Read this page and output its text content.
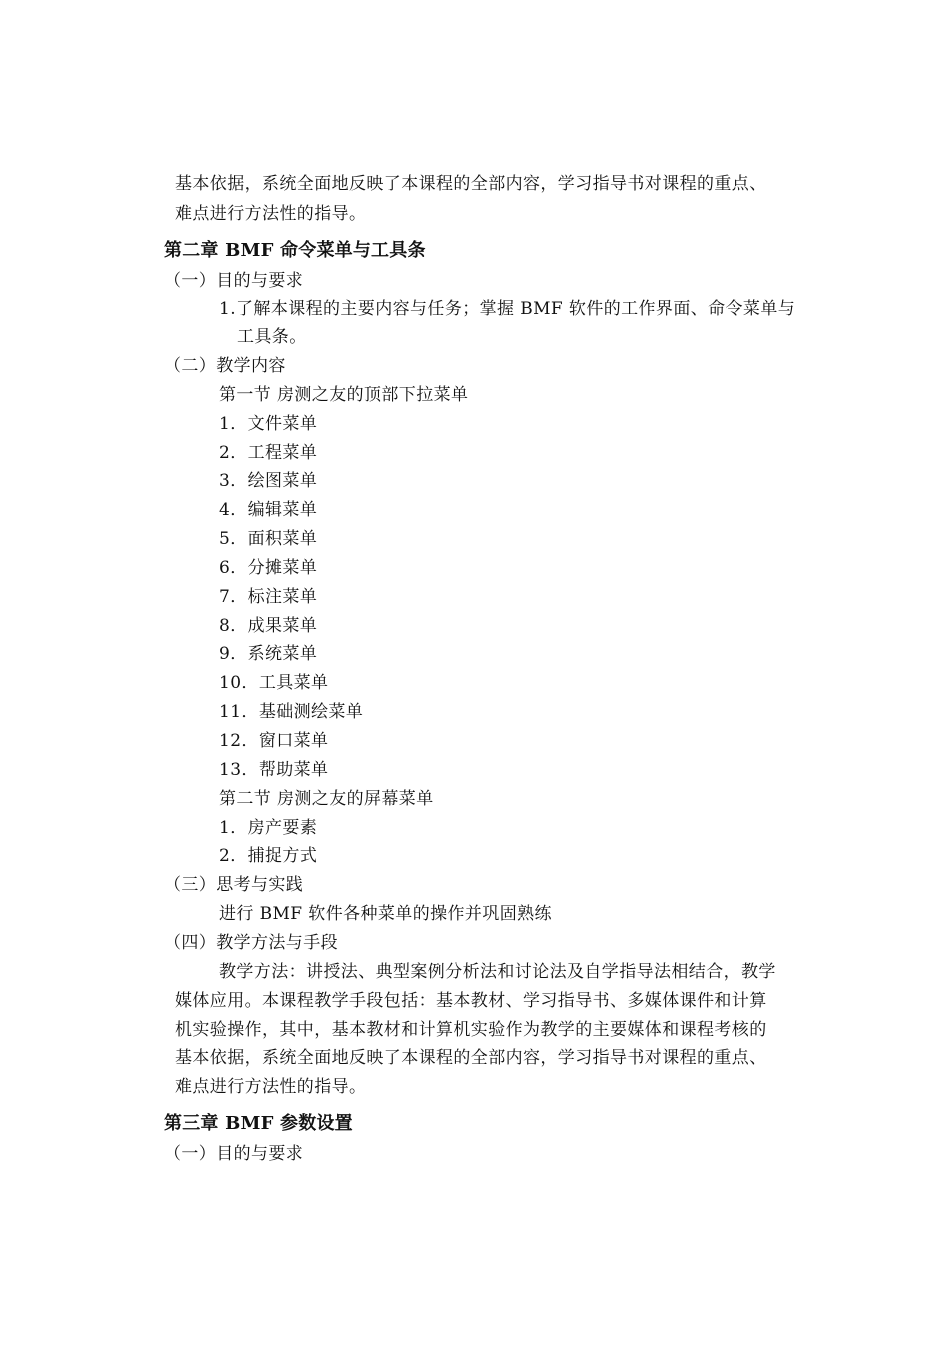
基本依据，系统全面地反映了本课程的全部内容，学习指导书对课程的重点、
难点进行方法性的指导。
第二章 BMF 命令菜单与工具条
（一）目的与要求
1.了解本课程的主要内容与任务；掌握 BMF 软件的工作界面、命令菜单与
工具条。
（二）教学内容
第一节 房测之友的顶部下拉菜单
1．文件菜单
2．工程菜单
3．绘图菜单
4．编辑菜单
5．面积菜单
6．分摊菜单
7．标注菜单
8．成果菜单
9．系统菜单
10．工具菜单
11．基础测绘菜单
12．窗口菜单
13．帮助菜单
第二节 房测之友的屏幕菜单
1．房产要素
2．捕捉方式
（三）思考与实践
进行 BMF 软件各种菜单的操作并巩固熟练
（四）教学方法与手段
教学方法：讲授法、典型案例分析法和讨论法及自学指导法相结合，教学
媒体应用。本课程教学手段包括：基本教材、学习指导书、多媒体课件和计算
机实验操作，其中，基本教材和计算机实验作为教学的主要媒体和课程考核的
基本依据，系统全面地反映了本课程的全部内容，学习指导书对课程的重点、
难点进行方法性的指导。
第三章 BMF 参数设置
（一）目的与要求
